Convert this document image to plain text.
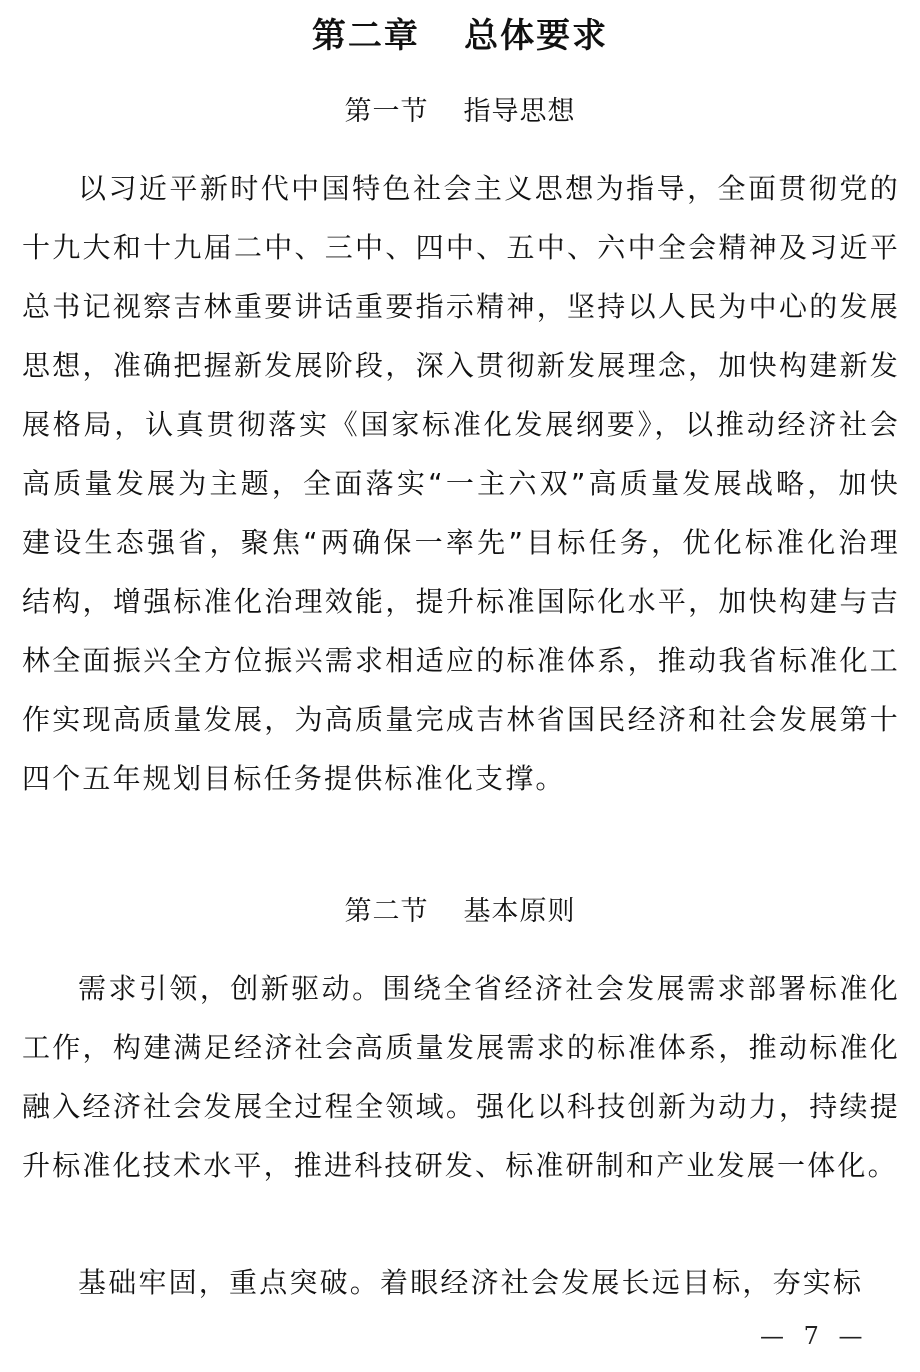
第二章 总体要求
第一节 指导思想

以习近平新时代中国特色社会主义思想为指导，全面贯彻党的十九大和十九届二中、三中、四中、五中、六中全会精神及习近平总书记视察吉林重要讲话重要指示精神，坚持以人民为中心的发展思想，准确把握新发展阶段，深入贯彻新发展理念，加快构建新发展格局，认真贯彻落实《国家标准化发展纲要》，以推动经济社会高质量发展为主题，全面落实“一主六双”高质量发展战略，加快建设生态强省，聚焦“两确保一率先”目标任务，优化标准化治理结构，增强标准化治理效能，提升标准国际化水平，加快构建与吉林全面振兴全方位振兴需求相适应的标准体系，推动我省标准化工作实现高质量发展，为高质量完成吉林省国民经济和社会发展第十四个五年规划目标任务提供标准化支撑。

第二节 基本原则

需求引领，创新驱动。围绕全省经济社会发展需求部署标准化工作，构建满足经济社会高质量发展需求的标准体系，推动标准化融入经济社会发展全过程全领域。强化以科技创新为动力，持续提升标准化技术水平，推进科技研发、标准研制和产业发展一体化。

基础牢固，重点突破。着眼经济社会发展长远目标，夯实标

— 7 —
